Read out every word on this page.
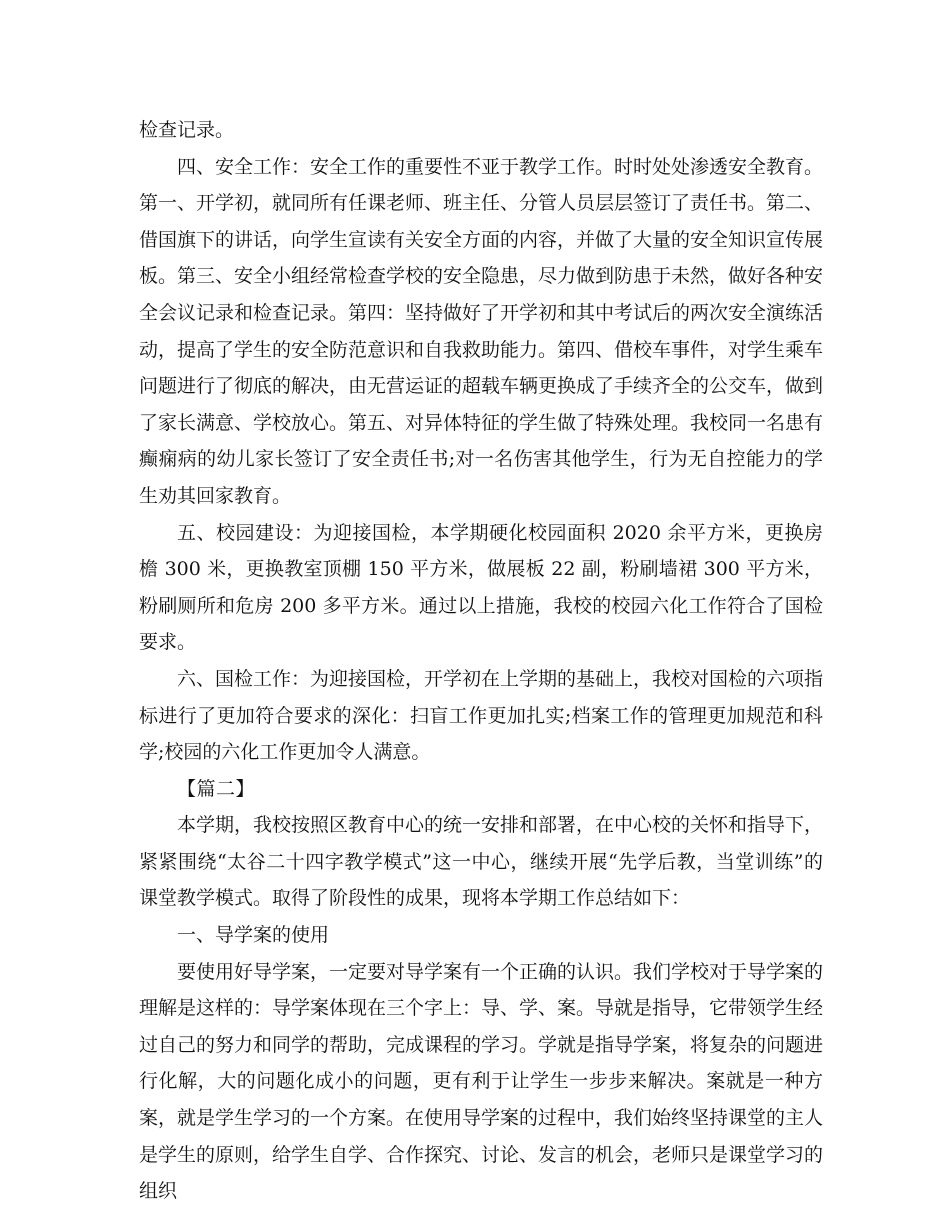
检查记录。

四、安全工作：安全工作的重要性不亚于教学工作。时时处处渗透安全教育。第一、开学初，就同所有任课老师、班主任、分管人员层层签订了责任书。第二、借国旗下的讲话，向学生宣读有关安全方面的内容，并做了大量的安全知识宣传展板。第三、安全小组经常检查学校的安全隐患，尽力做到防患于未然，做好各种安全会议记录和检查记录。第四：坚持做好了开学初和其中考试后的两次安全演练活动，提高了学生的安全防范意识和自我救助能力。第四、借校车事件，对学生乘车问题进行了彻底的解决，由无营运证的超载车辆更换成了手续齐全的公交车，做到了家长满意、学校放心。第五、对异体特征的学生做了特殊处理。我校同一名患有癫痫病的幼儿家长签订了安全责任书;对一名伤害其他学生，行为无自控能力的学生劝其回家教育。

五、校园建设：为迎接国检，本学期硬化校园面积 2020 余平方米，更换房檐 300 米，更换教室顶棚 150 平方米，做展板 22 副，粉刷墙裙 300 平方米，粉刷厕所和危房 200 多平方米。通过以上措施，我校的校园六化工作符合了国检要求。

六、国检工作：为迎接国检，开学初在上学期的基础上，我校对国检的六项指标进行了更加符合要求的深化：扫盲工作更加扎实;档案工作的管理更加规范和科学;校园的六化工作更加令人满意。

【篇二】

本学期，我校按照区教育中心的统一安排和部署，在中心校的关怀和指导下，紧紧围绕“太谷二十四字教学模式”这一中心，继续开展“先学后教，当堂训练”的课堂教学模式。取得了阶段性的成果，现将本学期工作总结如下：

一、导学案的使用

要使用好导学案，一定要对导学案有一个正确的认识。我们学校对于导学案的理解是这样的：导学案体现在三个字上：导、学、案。导就是指导，它带领学生经过自己的努力和同学的帮助，完成课程的学习。学就是指导学案，将复杂的问题进行化解，大的问题化成小的问题，更有利于让学生一步步来解决。案就是一种方案，就是学生学习的一个方案。在使用导学案的过程中，我们始终坚持课堂的主人是学生的原则，给学生自学、合作探究、讨论、发言的机会，老师只是课堂学习的组织
